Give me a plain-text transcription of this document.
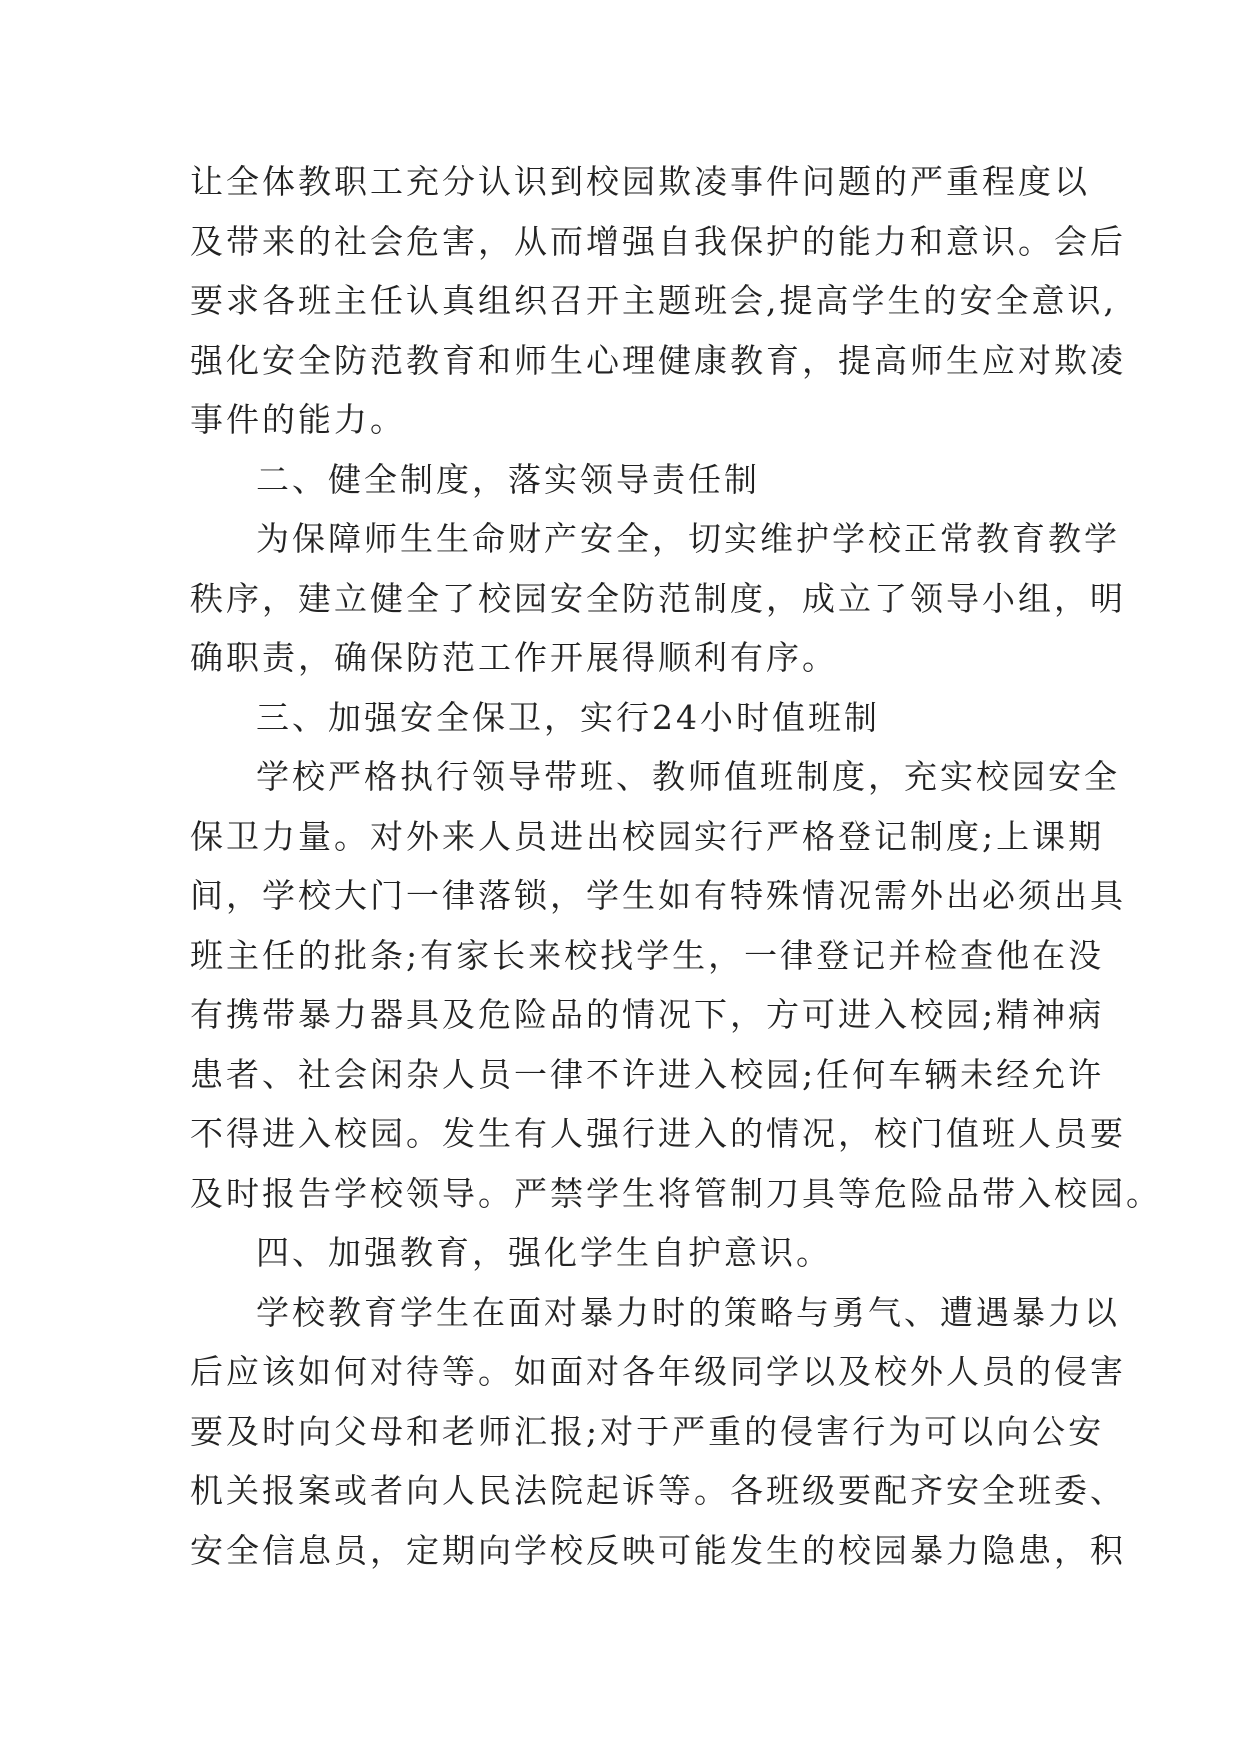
让全体教职工充分认识到校园欺凌事件问题的严重程度以
及带来的社会危害，从而增强自我保护的能力和意识。会后
要求各班主任认真组织召开主题班会,提高学生的安全意识,
强化安全防范教育和师生心理健康教育，提高师生应对欺凌
事件的能力。
二、健全制度，落实领导责任制
为保障师生生命财产安全，切实维护学校正常教育教学
秩序，建立健全了校园安全防范制度，成立了领导小组，明
确职责，确保防范工作开展得顺利有序。
三、加强安全保卫，实行24小时值班制
学校严格执行领导带班、教师值班制度，充实校园安全
保卫力量。对外来人员进出校园实行严格登记制度;上课期
间，学校大门一律落锁，学生如有特殊情况需外出必须出具
班主任的批条;有家长来校找学生，一律登记并检查他在没
有携带暴力器具及危险品的情况下，方可进入校园;精神病
患者、社会闲杂人员一律不许进入校园;任何车辆未经允许
不得进入校园。发生有人强行进入的情况，校门值班人员要
及时报告学校领导。严禁学生将管制刀具等危险品带入校园。
四、加强教育，强化学生自护意识。
学校教育学生在面对暴力时的策略与勇气、遭遇暴力以
后应该如何对待等。如面对各年级同学以及校外人员的侵害
要及时向父母和老师汇报;对于严重的侵害行为可以向公安
机关报案或者向人民法院起诉等。各班级要配齐安全班委、
安全信息员，定期向学校反映可能发生的校园暴力隐患，积
